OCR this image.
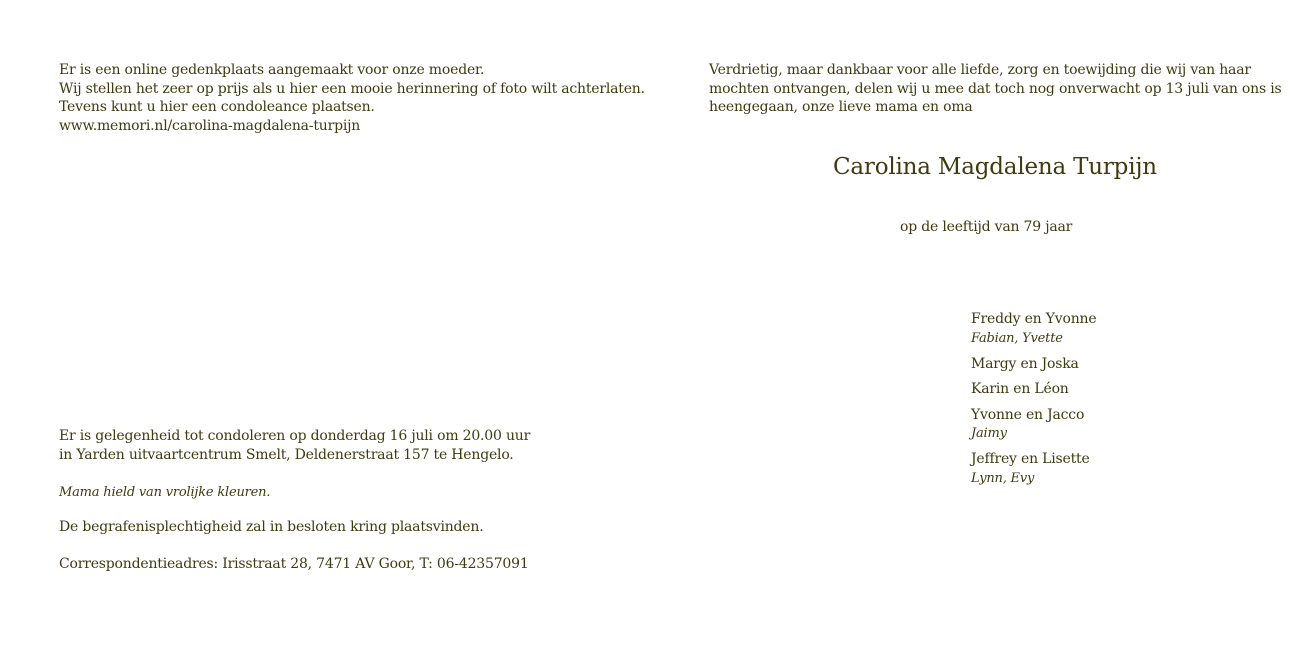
Er is een online gedenkplaats aangemaakt voor onze moeder.
Wij stellen het zeer op prijs als u hier een mooie herinnering of foto wilt achterlaten.
Tevens kunt u hier een condoleance plaatsen.
www.memori.nl/carolina-magdalena-turpijn
Er is gelegenheid tot condoleren op donderdag 16 juli om 20.00 uur
in Yarden uitvaartcentrum Smelt, Deldenerstraat 157 te Hengelo.
Mama hield van vrolijke kleuren.
De begrafenisplechtigheid zal in besloten kring plaatsvinden.
Correspondentieadres: Irisstraat 28, 7471 AV Goor, T: 06-42357091
Verdrietig, maar dankbaar voor alle liefde, zorg en toewijding die wij van haar
mochten ontvangen, delen wij u mee dat toch nog onverwacht op 13 juli van ons is
heengegaan, onze lieve mama en oma
Carolina Magdalena Turpijn
op de leeftijd van 79 jaar
Freddy en Yvonne
Fabian, Yvette
Margy en Joska
Karin en Léon
Yvonne en Jacco
Jaimy
Jeffrey en Lisette
Lynn, Evy
